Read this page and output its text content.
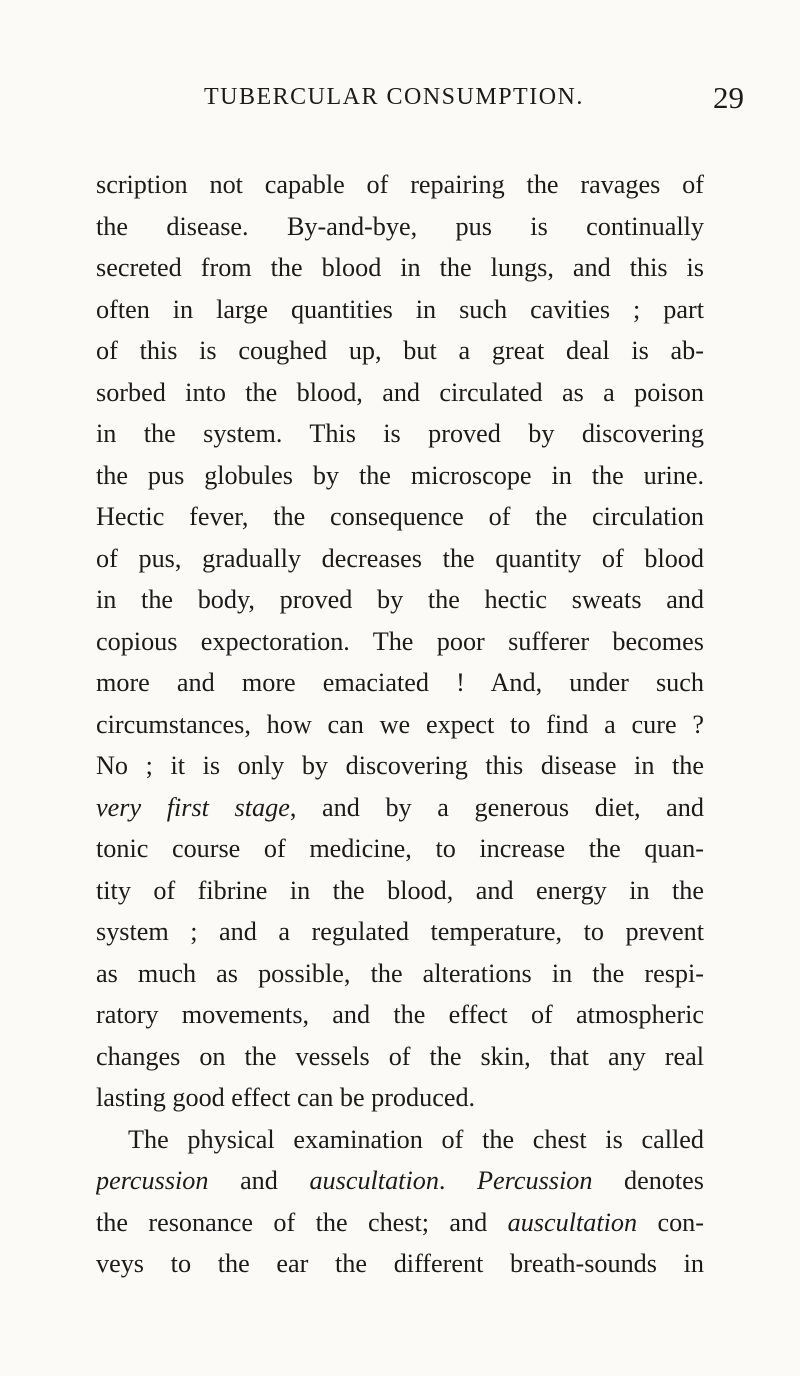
TUBERCULAR CONSUMPTION.	29
scription not capable of repairing the ravages of
the disease. By-and-bye, pus is continually
secreted from the blood in the lungs, and this is
often in large quantities in such cavities ; part
of this is coughed up, but a great deal is ab-
sorbed into the blood, and circulated as a poison
in the system. This is proved by discovering
the pus globules by the microscope in the urine.
Hectic fever, the consequence of the circulation
of pus, gradually decreases the quantity of blood
in the body, proved by the hectic sweats and
copious expectoration. The poor sufferer becomes
more and more emaciated ! And, under such
circumstances, how can we expect to find a cure ?
No ; it is only by discovering this disease in the
very first stage, and by a generous diet, and
tonic course of medicine, to increase the quan-
tity of fibrine in the blood, and energy in the
system ; and a regulated temperature, to prevent
as much as possible, the alterations in the respi-
ratory movements, and the effect of atmospheric
changes on the vessels of the skin, that any real
lasting good effect can be produced.
The physical examination of the chest is called
percussion and auscultation. Percussion denotes
the resonance of the chest; and auscultation con-
veys to the ear the different breath-sounds in
